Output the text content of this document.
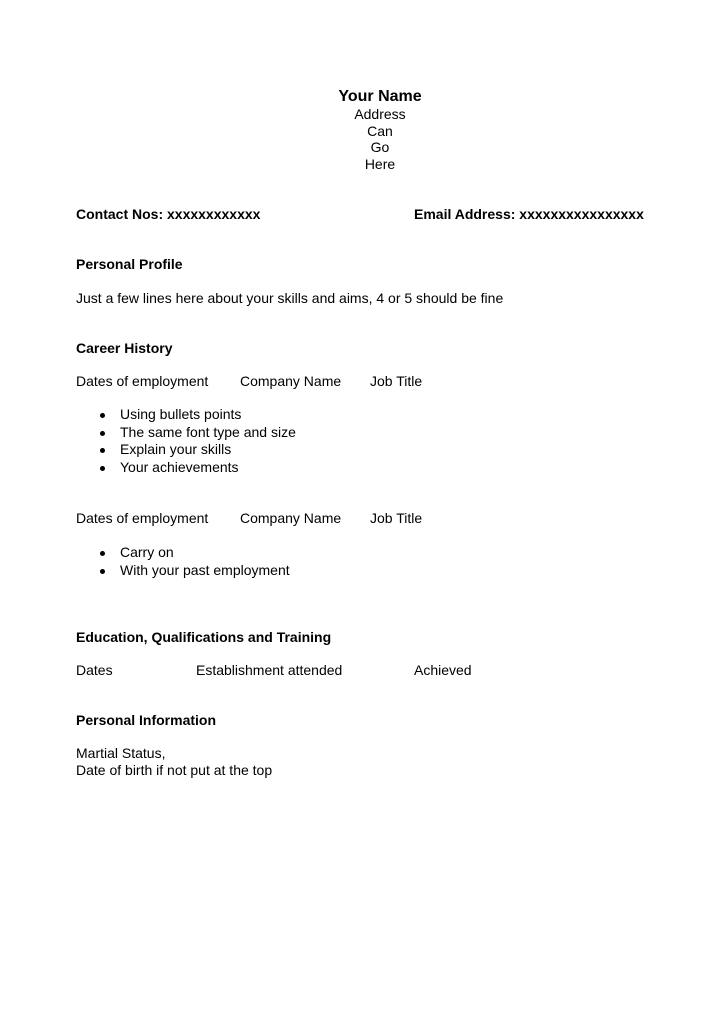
Your Name
Address
Can
Go
Here
Contact Nos: xxxxxxxxxxxx	Email Address: xxxxxxxxxxxxxxxx
Personal Profile
Just a few lines here about your skills and aims, 4 or 5 should be fine
Career History
Dates of employment Company Name Job Title
Using bullets points
The same font type and size
Explain your skills
Your achievements
Dates of employment Company Name Job Title
Carry on
With your past employment
Education, Qualifications and Training
Dates	Establishment attended	Achieved
Personal Information
Martial Status,
Date of birth if not put at the top
